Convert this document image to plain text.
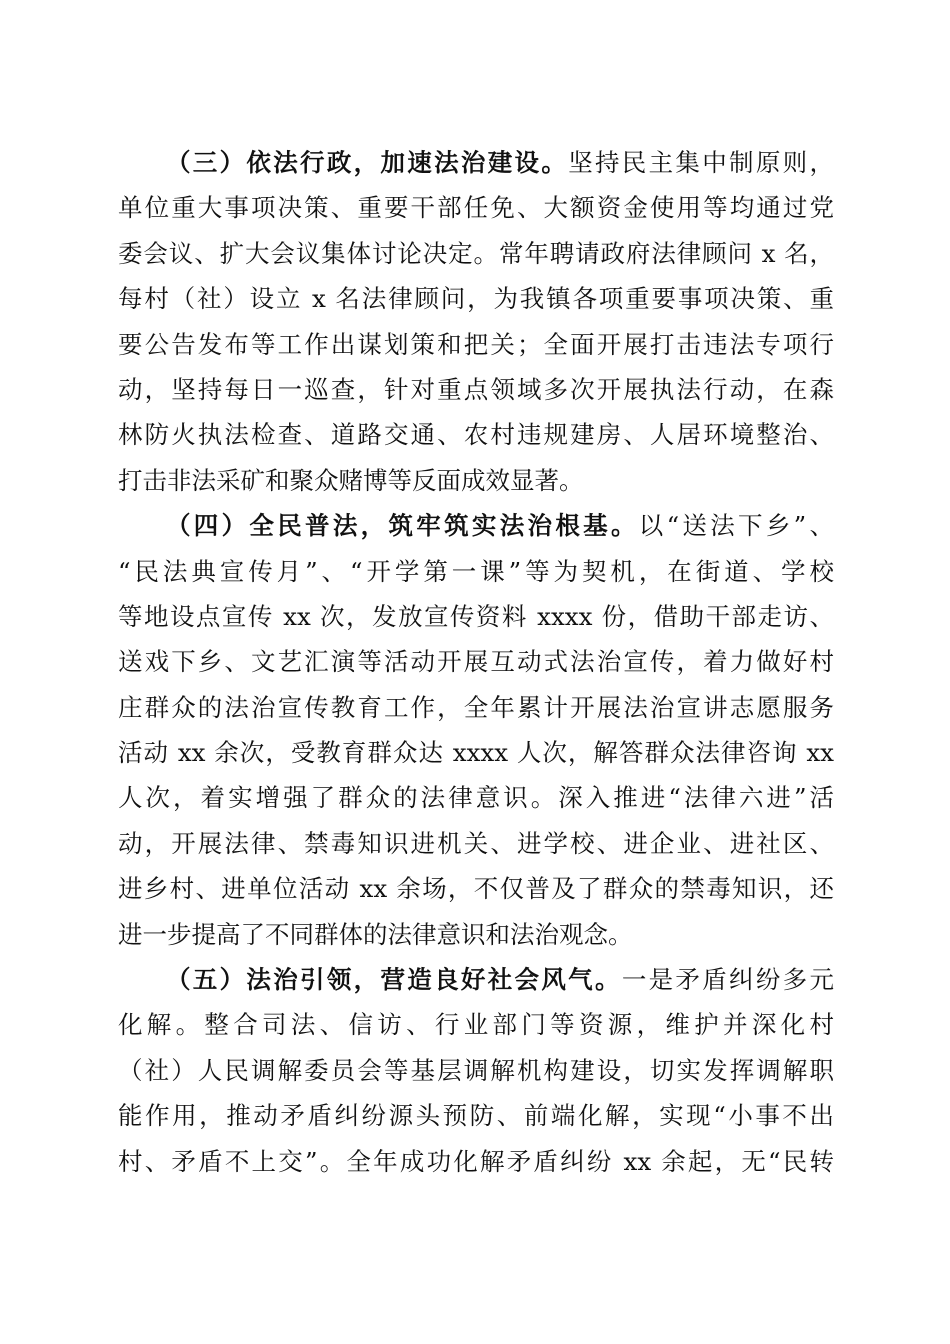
（三）依法行政，加速法治建设。坚持民主集中制原则，
单位重大事项决策、重要干部任免、大额资金使用等均通过党
委会议、扩大会议集体讨论决定。常年聘请政府法律顾问 x 名，
每村（社）设立 x 名法律顾问，为我镇各项重要事项决策、重
要公告发布等工作出谋划策和把关；全面开展打击违法专项行
动，坚持每日一巡查，针对重点领域多次开展执法行动，在森
林防火执法检查、道路交通、农村违规建房、人居环境整治、
打击非法采矿和聚众赌博等反面成效显著。
（四）全民普法，筑牢筑实法治根基。以“送法下乡”、
“民法典宣传月”、“开学第一课”等为契机，在街道、学校
等地设点宣传 xx 次，发放宣传资料 xxxx 份，借助干部走访、
送戏下乡、文艺汇演等活动开展互动式法治宣传，着力做好村
庄群众的法治宣传教育工作，全年累计开展法治宣讲志愿服务
活动 xx 余次，受教育群众达 xxxx 人次，解答群众法律咨询 xx
人次，着实增强了群众的法律意识。深入推进“法律六进”活
动，开展法律、禁毒知识进机关、进学校、进企业、进社区、
进乡村、进单位活动 xx 余场，不仅普及了群众的禁毒知识，还
进一步提高了不同群体的法律意识和法治观念。
（五）法治引领，营造良好社会风气。一是矛盾纠纷多元
化解。整合司法、信访、行业部门等资源，维护并深化村
（社）人民调解委员会等基层调解机构建设，切实发挥调解职
能作用，推动矛盾纠纷源头预防、前端化解，实现“小事不出
村、矛盾不上交”。全年成功化解矛盾纠纷 xx 余起，无“民转
